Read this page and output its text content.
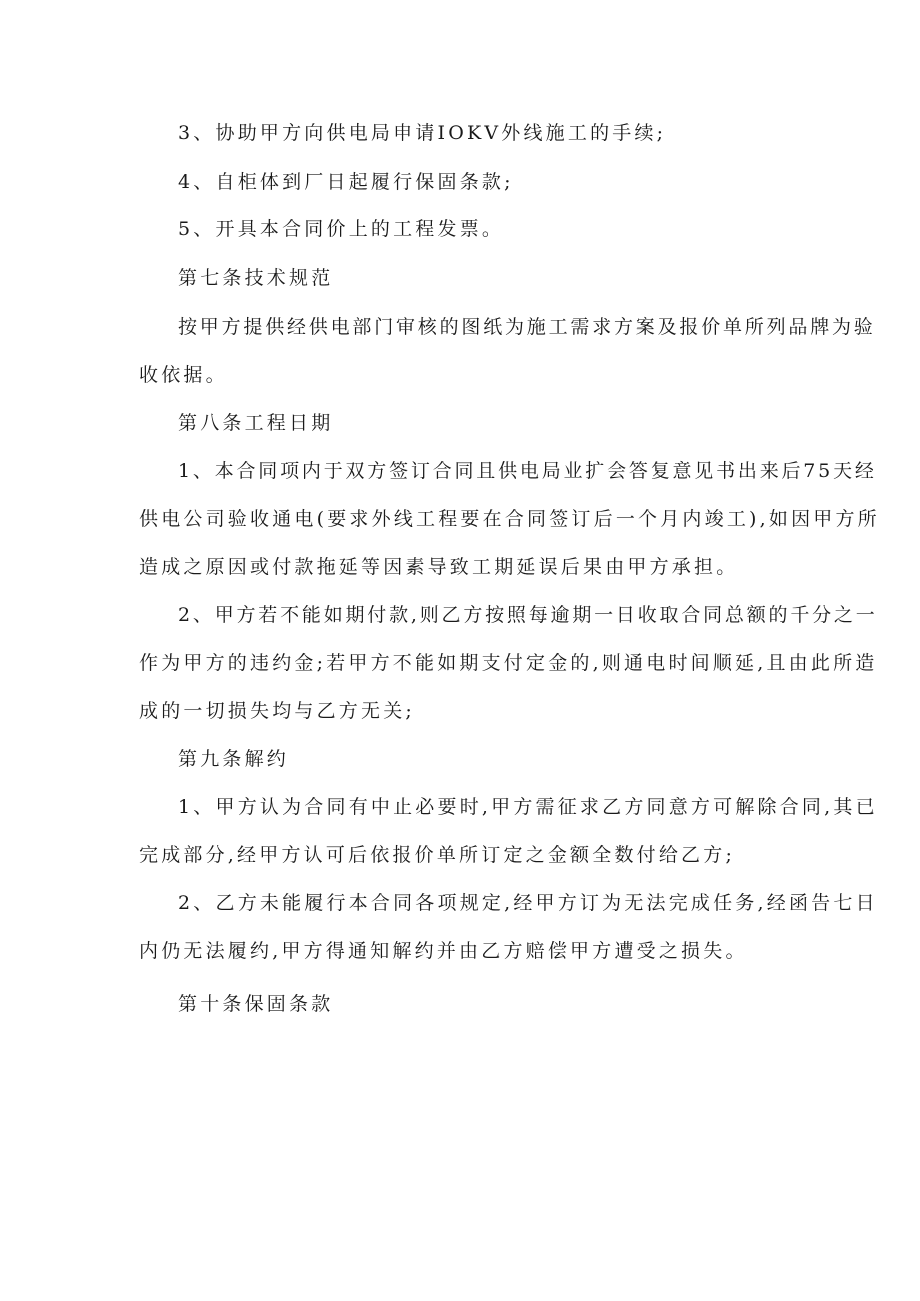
3、协助甲方向供电局申请IOKV外线施工的手续;
4、自柜体到厂日起履行保固条款;
5、开具本合同价上的工程发票。
第七条技术规范
按甲方提供经供电部门审核的图纸为施工需求方案及报价单所列品牌为验
收依据。
第八条工程日期
1、本合同项内于双方签订合同且供电局业扩会答复意见书出来后75天经
供电公司验收通电(要求外线工程要在合同签订后一个月内竣工),如因甲方所
造成之原因或付款拖延等因素导致工期延误后果由甲方承担。
2、甲方若不能如期付款,则乙方按照每逾期一日收取合同总额的千分之一
作为甲方的违约金;若甲方不能如期支付定金的,则通电时间顺延,且由此所造
成的一切损失均与乙方无关;
第九条解约
1、甲方认为合同有中止必要时,甲方需征求乙方同意方可解除合同,其已
完成部分,经甲方认可后依报价单所订定之金额全数付给乙方;
2、乙方未能履行本合同各项规定,经甲方订为无法完成任务,经函告七日
内仍无法履约,甲方得通知解约并由乙方赔偿甲方遭受之损失。
第十条保固条款
